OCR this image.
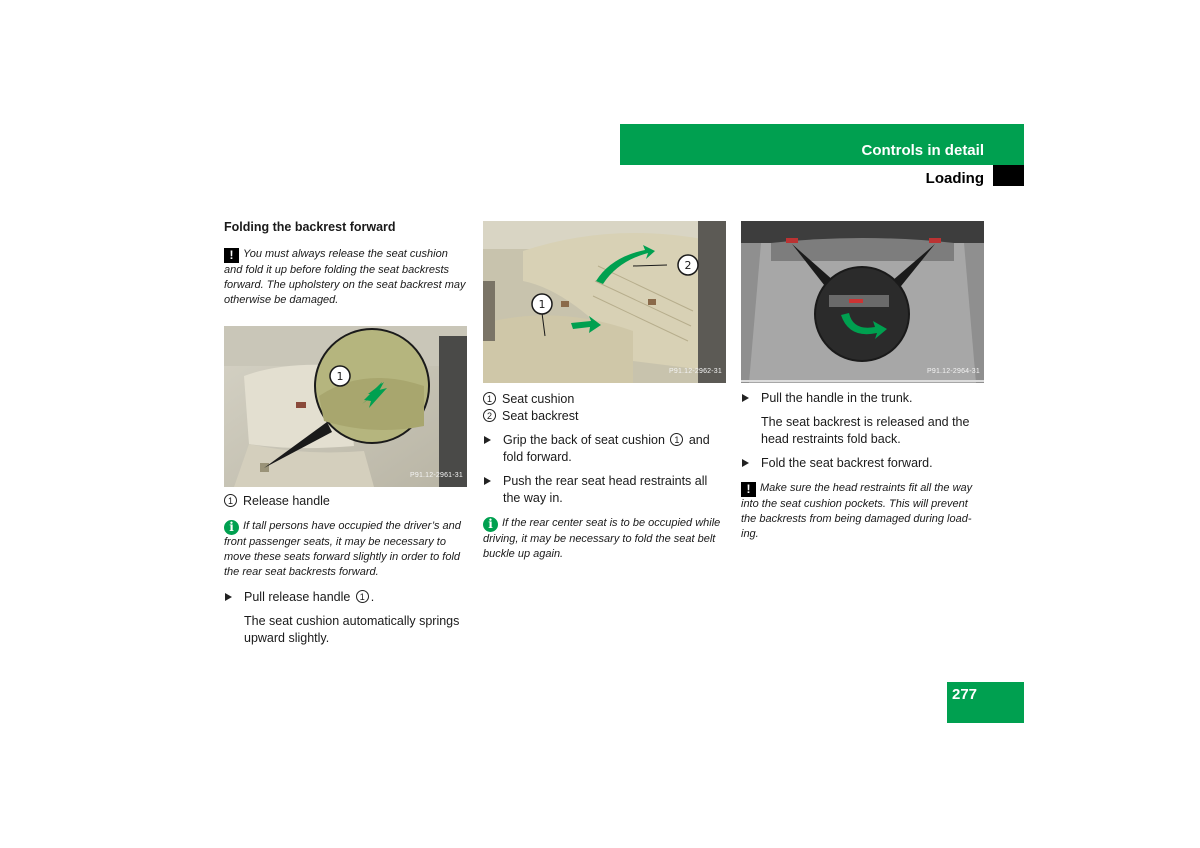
Controls in detail
Loading

Folding the backrest forward

! You must always release the seat cushion and fold it up before folding the seat backrests forward. The upholstery on the seat backrest may otherwise be damaged.

1
P91.12-2961-31

1 Release handle

i If tall persons have occupied the driver’s and front passenger seats, it may be necessary to move these seats forward slightly in order to fold the rear seat backrests forward.

Pull release handle 1 .

The seat cushion automatically springs upward slightly.

2
1
P91.12-2962-31

1 Seat cushion

2 Seat backrest

Grip the back of seat cushion 1 and fold forward.

Push the rear seat head restraints all the way in.

i If the rear center seat is to be occupied while driving, it may be necessary to fold the seat belt buckle up again.

P91.12-2964-31

Pull the handle in the trunk.

The seat backrest is released and the head restraints fold back.

Fold the seat backrest forward.

! Make sure the head restraints fit all the way into the seat cushion pockets. This will prevent the backrests from being damaged during load-ing.

277
